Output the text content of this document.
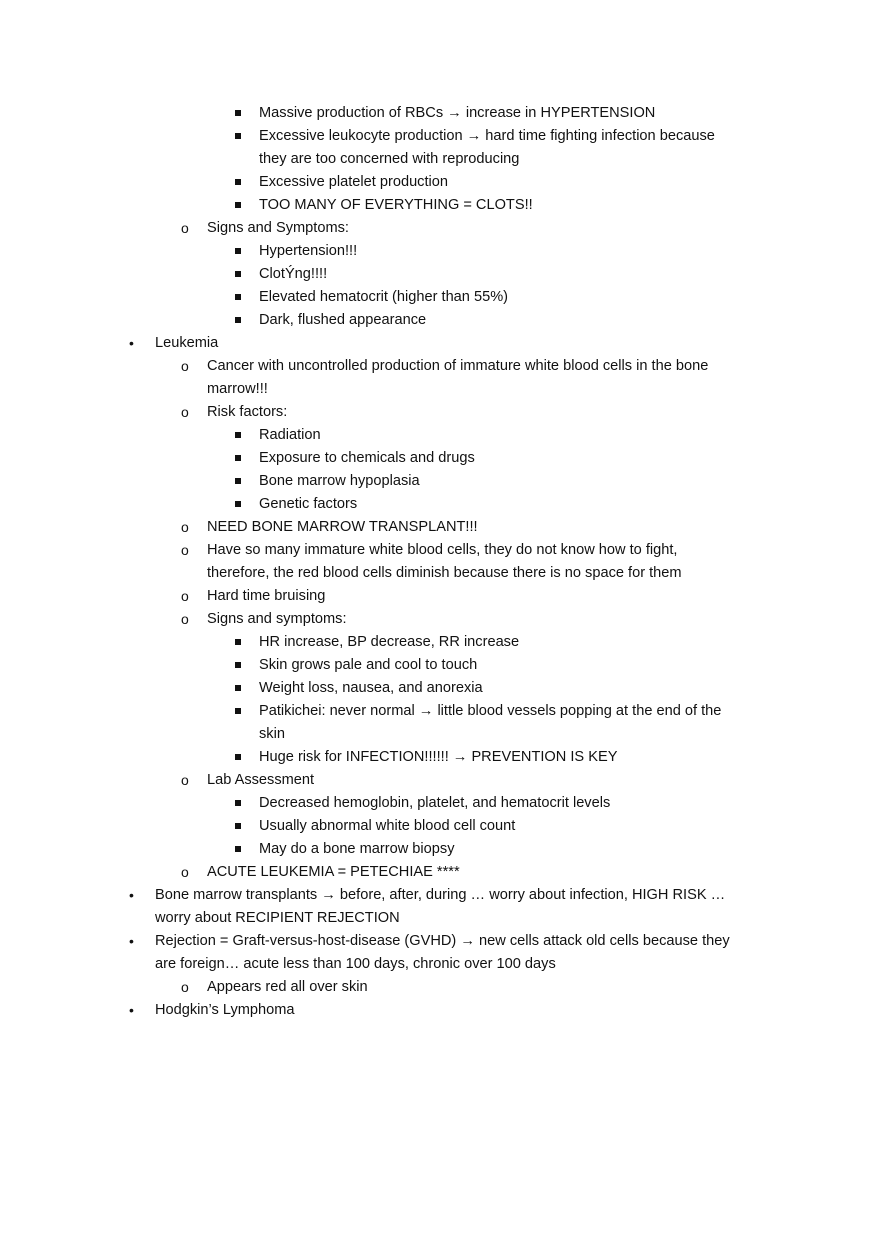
Massive production of RBCs → increase in HYPERTENSION
Excessive leukocyte production → hard time fighting infection because
they are too concerned with reproducing
Excessive platelet production
TOO MANY OF EVERYTHING = CLOTS!!
o Signs and Symptoms:
Hypertension!!!
ClotÝng!!!!
Elevated hematocrit (higher than 55%)
Dark, flushed appearance
• Leukemia
o Cancer with uncontrolled production of immature white blood cells in the bone
marrow!!!
o Risk factors:
Radiation
Exposure to chemicals and drugs
Bone marrow hypoplasia
Genetic factors
o NEED BONE MARROW TRANSPLANT!!!
o Have so many immature white blood cells, they do not know how to fight,
therefore, the red blood cells diminish because there is no space for them
o Hard time bruising
o Signs and symptoms:
HR increase, BP decrease, RR increase
Skin grows pale and cool to touch
Weight loss, nausea, and anorexia
Patikichei: never normal → little blood vessels popping at the end of the
skin
Huge risk for INFECTION!!!!!! → PREVENTION IS KEY
o Lab Assessment
Decreased hemoglobin, platelet, and hematocrit levels
Usually abnormal white blood cell count
May do a bone marrow biopsy
o ACUTE LEUKEMIA = PETECHIAE ****
• Bone marrow transplants → before, after, during … worry about infection, HIGH RISK …
worry about RECIPIENT REJECTION
• Rejection = Graft-versus-host-disease (GVHD) → new cells attack old cells because they
are foreign… acute less than 100 days, chronic over 100 days
o Appears red all over skin
• Hodgkin’s Lymphoma
